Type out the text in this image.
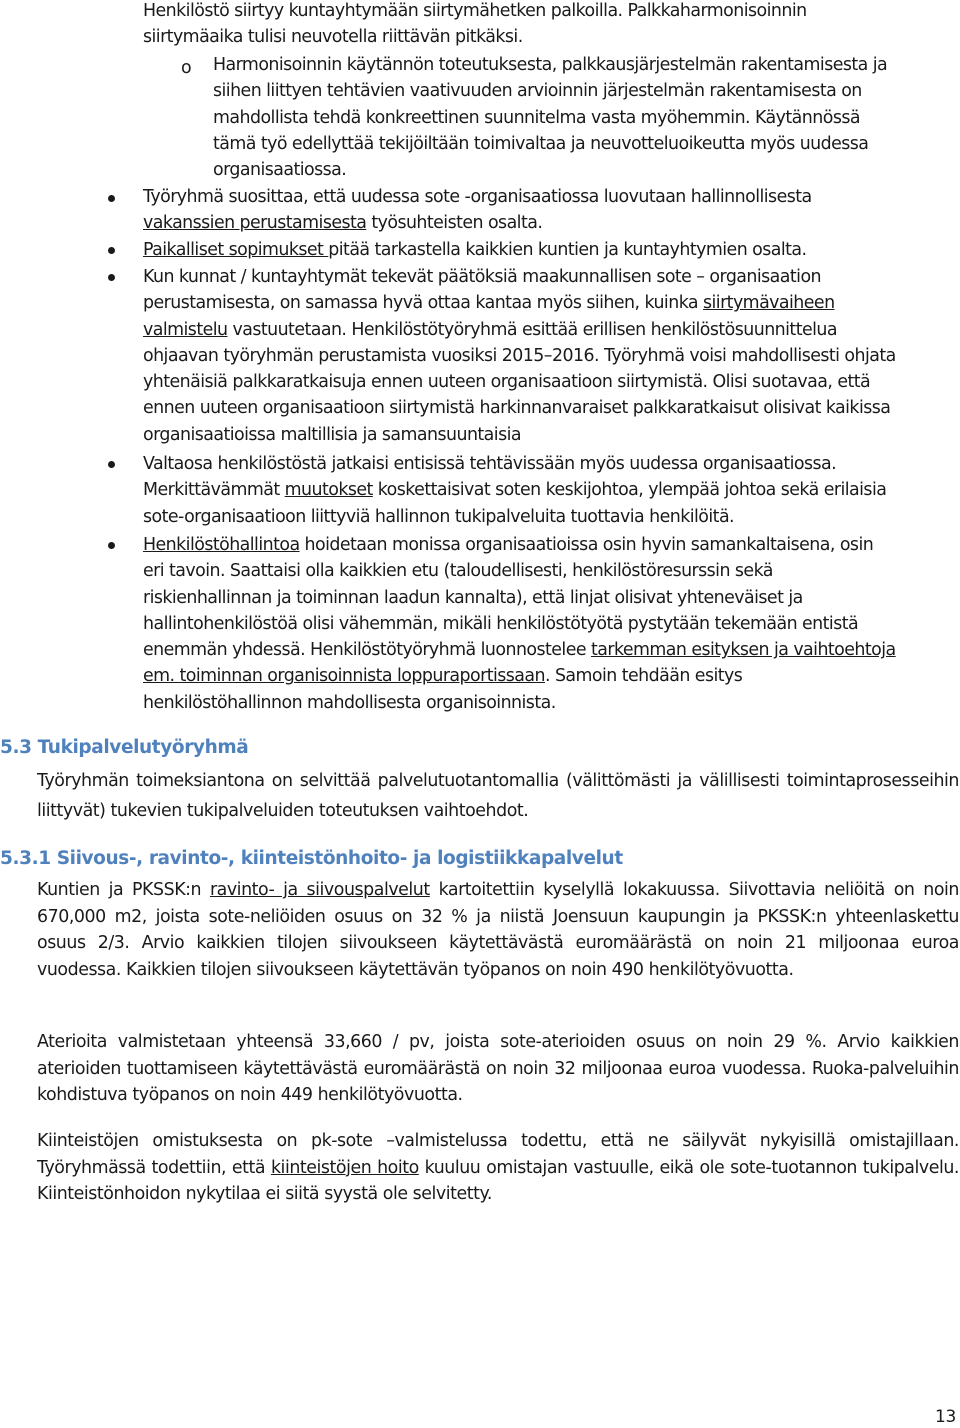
Henkilöstö siirtyy kuntayhtymään siirtymähetken palkoilla. Palkkaharmonisoinnin
siirtymäaika tulisi neuvotella riittävän pitkäksi.
o Harmonisoinnin käytännön toteutuksesta, palkkausjärjestelmän rakentamisesta ja
siihen liittyen tehtävien vaativuuden arvioinnin järjestelmän rakentamisesta on
mahdollista tehdä konkreettinen suunnitelma vasta myöhemmin. Käytännössä
tämä työ edellyttää tekijöiltään toimivaltaa ja neuvotteluoikeutta myös uudessa
organisaatiossa.
Työryhmä suosittaa, että uudessa sote -organisaatiossa luovutaan hallinnollisesta
vakanssien perustamisesta työsuhteisten osalta.
Paikalliset sopimukset pitää tarkastella kaikkien kuntien ja kuntayhtymien osalta.
Kun kunnat / kuntayhtymät tekevät päätöksiä maakunnallisen sote – organisaation
perustamisesta, on samassa hyvä ottaa kantaa myös siihen, kuinka siirtymävaiheen
valmistelu vastuutetaan. Henkilöstötyöryhmä esittää erillisen henkilöstösuunnittelua
ohjaavan työryhmän perustamista vuosiksi 2015–2016. Työryhmä voisi mahdollisesti ohjata
yhtenäisiä palkkaratkaisuja ennen uuteen organisaatioon siirtymistä. Olisi suotavaa, että
ennen uuteen organisaatioon siirtymistä harkinnanvaraiset palkkaratkaisut olisivat kaikissa
organisaatioissa maltillisia ja samansuuntaisia
Valtaosa henkilöstöstä jatkaisi entisissä tehtävissään myös uudessa organisaatiossa.
Merkittävämmät muutokset koskettaisivat soten keskijohtoa, ylempää johtoa sekä erilaisia
sote-organisaatioon liittyviä hallinnon tukipalveluita tuottavia henkilöitä.
Henkilöstöhallintoa hoidetaan monissa organisaatioissa osin hyvin samankaltaisena, osin
eri tavoin. Saattaisi olla kaikkien etu (taloudellisesti, henkilöstöresurssin sekä
riskienhallinnan ja toiminnan laadun kannalta), että linjat olisivat yhteneväiset ja
hallintohenkilöstöä olisi vähemmän, mikäli henkilöstötyötä pystytään tekemään entistä
enemmän yhdessä. Henkilöstötyöryhmä luonnostelee tarkemman esityksen ja vaihtoehtoja
em. toiminnan organisoinnista loppuraportissaan. Samoin tehdään esitys
henkilöstöhallinnon mahdollisesta organisoinnista.
5.3 Tukipalvelutyöryhmä
Työryhmän toimeksiantona on selvittää palvelutuotantomallia (välittömästi ja välillisesti toimintaprosesseihin liittyvät) tukevien tukipalveluiden toteutuksen vaihtoehdot.
5.3.1 Siivous-, ravinto-, kiinteistönhoito- ja logistiikkapalvelut
Kuntien ja PKSSK:n ravinto- ja siivouspalvelut kartoitettiin kyselyllä lokakuussa. Siivottavia neliöitä on noin 670,000 m2, joista sote-neliöiden osuus on 32 % ja niistä Joensuun kaupungin ja PKSSK:n yhteenlaskettu osuus 2/3. Arvio kaikkien tilojen siivoukseen käytettävästä euromäärästä on noin 21 miljoonaa euroa vuodessa. Kaikkien tilojen siivoukseen käytettävän työpanos on noin 490 henkilötyövuotta.
Aterioita valmistetaan yhteensä 33,660 / pv, joista sote-aterioiden osuus on noin 29 %. Arvio kaikkien aterioiden tuottamiseen käytettävästä euromäärästä on noin 32 miljoonaa euroa vuodessa. Ruoka-palveluihin kohdistuva työpanos on noin 449 henkilötyövuotta.
Kiinteistöjen omistuksesta on pk-sote –valmistelussa todettu, että ne säilyvät nykyisillä omistajillaan. Työryhmässä todettiin, että kiinteistöjen hoito kuuluu omistajan vastuulle, eikä ole sote-tuotannon tukipalvelu. Kiinteistönhoidon nykytilaa ei siitä syystä ole selvitetty.
13
